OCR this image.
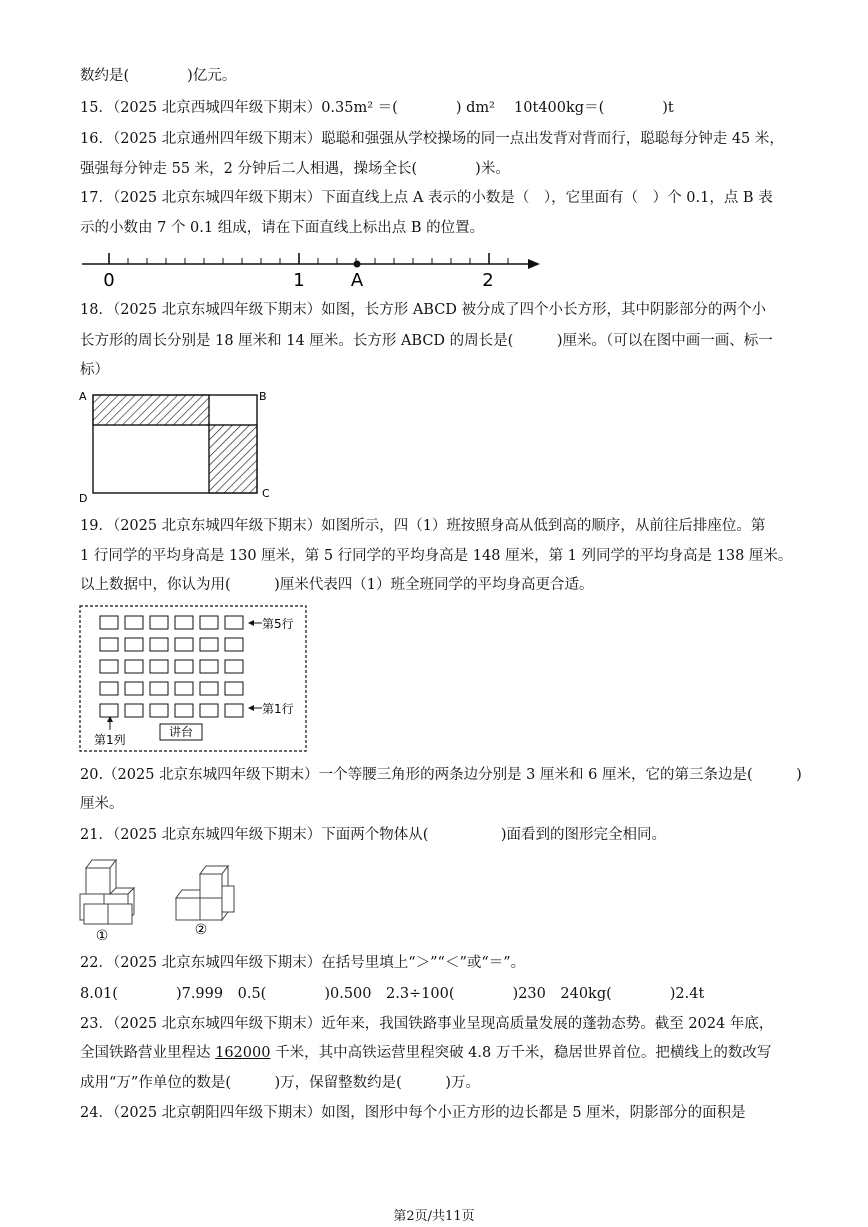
数约是(　　　　)亿元。
15．（2025 北京西城四年级下期末）0.35m² ＝(　　　　) dm²　 10t400kg＝(　　　　)t
16．（2025 北京通州四年级下期末）聪聪和强强从学校操场的同一点出发背对背而行，聪聪每分钟走 45 米，
强强每分钟走 55 米，2 分钟后二人相遇，操场全长(　　　　)米。
17．（2025 北京东城四年级下期末）下面直线上点 A 表示的小数是（　），它里面有（　）个 0.1，点 B 表
示的小数由 7 个 0.1 组成，请在下面直线上标出点 B 的位置。
0	1	A	2
18．（2025 北京东城四年级下期末）如图，长方形 ABCD 被分成了四个小长方形，其中阴影部分的两个小
长方形的周长分别是 18 厘米和 14 厘米。长方形 ABCD 的周长是(　　　)厘米。（可以在图中画一画、标一
标）
A	B
C
D
19．（2025 北京东城四年级下期末）如图所示，四（1）班按照身高从低到高的顺序，从前往后排座位。第
1 行同学的平均身高是 130 厘米，第 5 行同学的平均身高是 148 厘米，第 1 列同学的平均身高是 138 厘米。
以上数据中，你认为用(　　　)厘米代表四（1）班全班同学的平均身高更合适。
第5行
第1行
第1列
讲台
20.（2025 北京东城四年级下期末）一个等腰三角形的两条边分别是 3 厘米和 6 厘米，它的第三条边是(　　　)
厘米。
21．（2025 北京东城四年级下期末）下面两个物体从(　　　　　)面看到的图形完全相同。
①	②
22．（2025 北京东城四年级下期末）在括号里填上“＞”“＜”或“＝”。
8.01(　　　　)7.999　0.5(　　　　)0.500　2.3÷100(　　　　)230　240kg(　　　　)2.4t
23．（2025 北京东城四年级下期末）近年来，我国铁路事业呈现高质量发展的蓬勃态势。截至 2024 年底，
全国铁路营业里程达 162000 千米，其中高铁运营里程突破 4.8 万千米，稳居世界首位。把横线上的数改写
成用“万”作单位的数是(　　　)万，保留整数约是(　　　)万。
24．（2025 北京朝阳四年级下期末）如图，图形中每个小正方形的边长都是 5 厘米，阴影部分的面积是
第2页/共11页
